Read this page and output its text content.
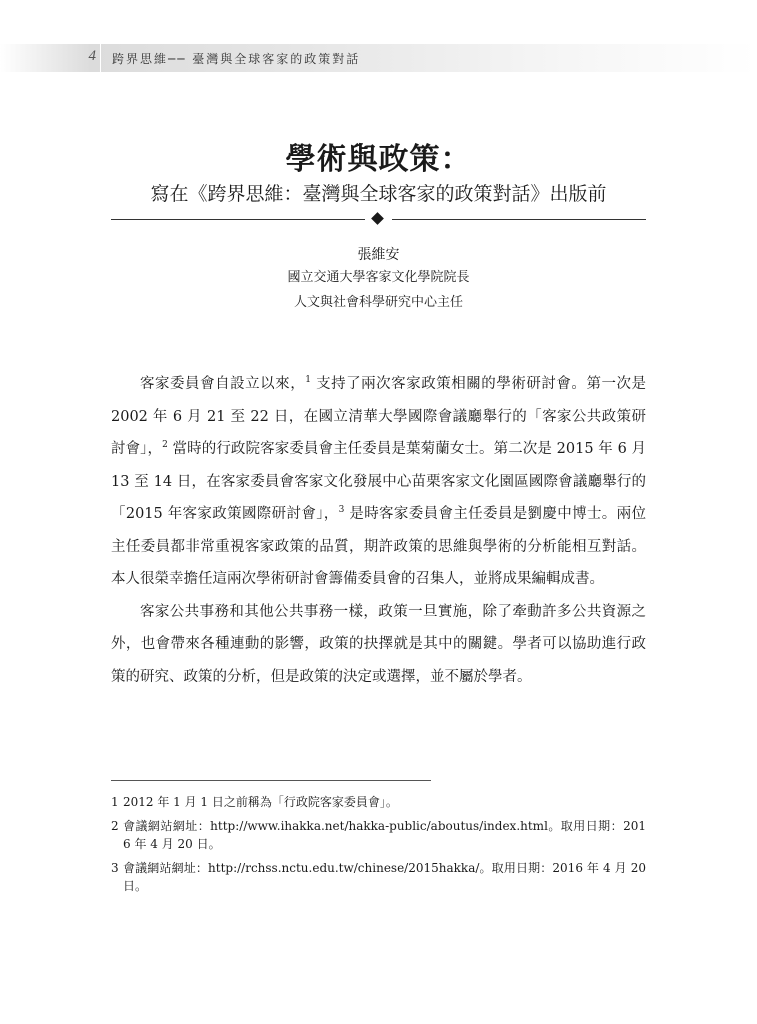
4 跨界思維── 臺灣與全球客家的政策對話
學術與政策：
寫在《跨界思維：臺灣與全球客家的政策對話》出版前
張維安
國立交通大學客家文化學院院長
人文與社會科學研究中心主任

客家委員會自設立以來，$^1$ 支持了兩次客家政策相關的學術研討會。第一次是 2002 年 6 月 21 至 22 日，在國立清華大學國際會議廳舉行的「客家公共政策研討會」，$^2$ 當時的行政院客家委員會主任委員是葉菊蘭女士。第二次是 2015 年 6 月 13 至 14 日，在客家委員會客家文化發展中心苗栗客家文化園區國際會議廳舉行的「2015 年客家政策國際研討會」，$^3$ 是時客家委員會主任委員是劉慶中博士。兩位主任委員都非常重視客家政策的品質，期許政策的思維與學術的分析能相互對話。本人很榮幸擔任這兩次學術研討會籌備委員會的召集人，並將成果編輯成書。

客家公共事務和其他公共事務一樣，政策一旦實施，除了牽動許多公共資源之外，也會帶來各種連動的影響，政策的抉擇就是其中的關鍵。學者可以協助進行政策的研究、政策的分析，但是政策的決定或選擇，並不屬於學者。

1 2012 年 1 月 1 日之前稱為「行政院客家委員會」。
2 會議網站網址：http://www.ihakka.net/hakka-public/aboutus/index.html。取用日期：2016 年 4 月 20 日。
3 會議網站網址：http://rchss.nctu.edu.tw/chinese/2015hakka/。取用日期：2016 年 4 月 20 日。
